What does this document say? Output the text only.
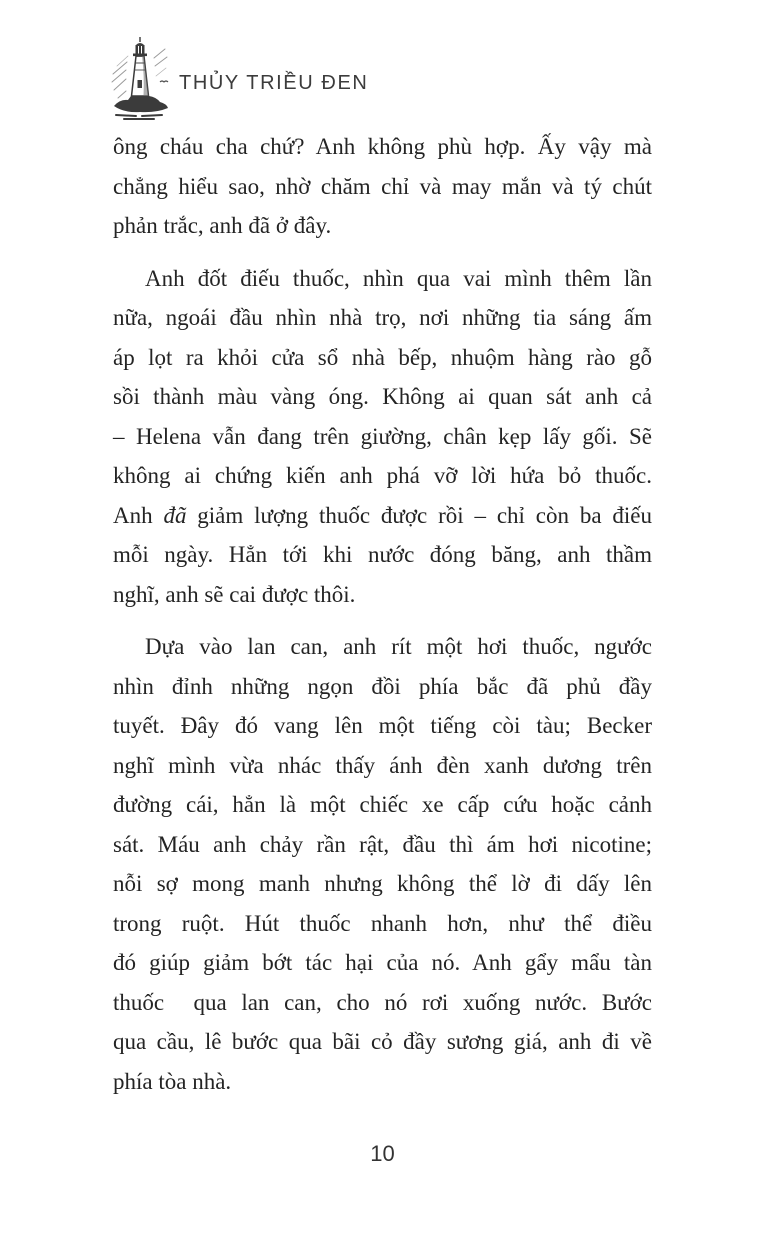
THỦY TRIỀU ĐEN
ông cháu cha chứ? Anh không phù hợp. Ấy vậy mà
chẳng hiểu sao, nhờ chăm chỉ và may mắn và tý chút
phản trắc, anh đã ở đây.
Anh đốt điếu thuốc, nhìn qua vai mình thêm lần
nữa, ngoái đầu nhìn nhà trọ, nơi những tia sáng ấm
áp lọt ra khỏi cửa sổ nhà bếp, nhuộm hàng rào gỗ
sồi thành màu vàng óng. Không ai quan sát anh cả
– Helena vẫn đang trên giường, chân kẹp lấy gối. Sẽ
không ai chứng kiến anh phá vỡ lời hứa bỏ thuốc.
Anh đã giảm lượng thuốc được rồi – chỉ còn ba điếu
mỗi ngày. Hẳn tới khi nước đóng băng, anh thầm
nghĩ, anh sẽ cai được thôi.
Dựa vào lan can, anh rít một hơi thuốc, ngước
nhìn đỉnh những ngọn đồi phía bắc đã phủ đầy
tuyết. Đây đó vang lên một tiếng còi tàu; Becker
nghĩ mình vừa nhác thấy ánh đèn xanh dương trên
đường cái, hẳn là một chiếc xe cấp cứu hoặc cảnh
sát. Máu anh chảy rần rật, đầu thì ám hơi nicotine;
nỗi sợ mong manh nhưng không thể lờ đi dấy lên
trong ruột. Hút thuốc nhanh hơn, như thể điều
đó giúp giảm bớt tác hại của nó. Anh gẩy mẩu tàn
thuốc  qua lan can, cho nó rơi xuống nước. Bước
qua cầu, lê bước qua bãi cỏ đầy sương giá, anh đi về
phía tòa nhà.
10
